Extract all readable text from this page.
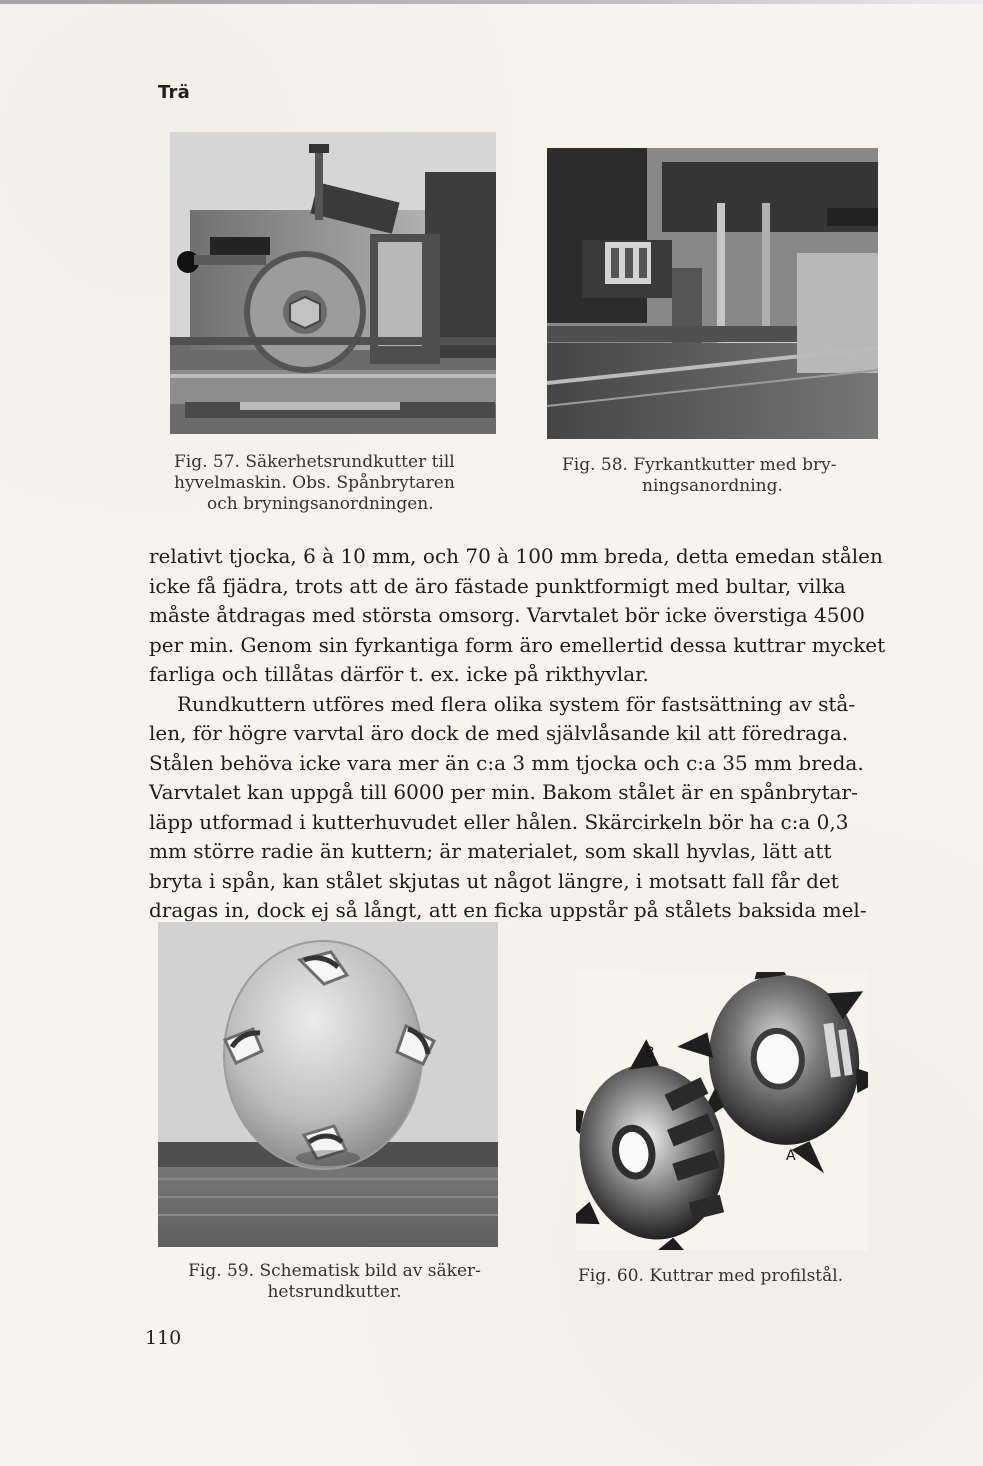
Trä
Fig. 57. Säkerhetsrundkutter till
hyvelmaskin. Obs. Spånbrytaren
och bryningsanordningen.
Fig. 58. Fyrkantkutter med bry-
ningsanordning.
relativt tjocka, 6 à 10 mm, och 70 à 100 mm breda, detta emedan stålen
icke få fjädra, trots att de äro fästade punktformigt med bultar, vilka
måste åtdragas med största omsorg. Varvtalet bör icke överstiga 4500
per min. Genom sin fyrkantiga form äro emellertid dessa kuttrar mycket
farliga och tillåtas därför t. ex. icke på rikthyvlar.
Rundkuttern utföres med flera olika system för fastsättning av stå-
len, för högre varvtal äro dock de med självlåsande kil att föredraga.
Stålen behöva icke vara mer än c:a 3 mm tjocka och c:a 35 mm breda.
Varvtalet kan uppgå till 6000 per min. Bakom stålet är en spånbrytar-
läpp utformad i kutterhuvudet eller hålen. Skärcirkeln bör ha c:a 0,3
mm större radie än kuttern; är materialet, som skall hyvlas, lätt att
bryta i spån, kan stålet skjutas ut något längre, i motsatt fall får det
dragas in, dock ej så långt, att en ficka uppstår på stålets baksida mel-
B
A
Fig. 59. Schematisk bild av säker-
hetsrundkutter.
Fig. 60. Kuttrar med profilstål.
110
